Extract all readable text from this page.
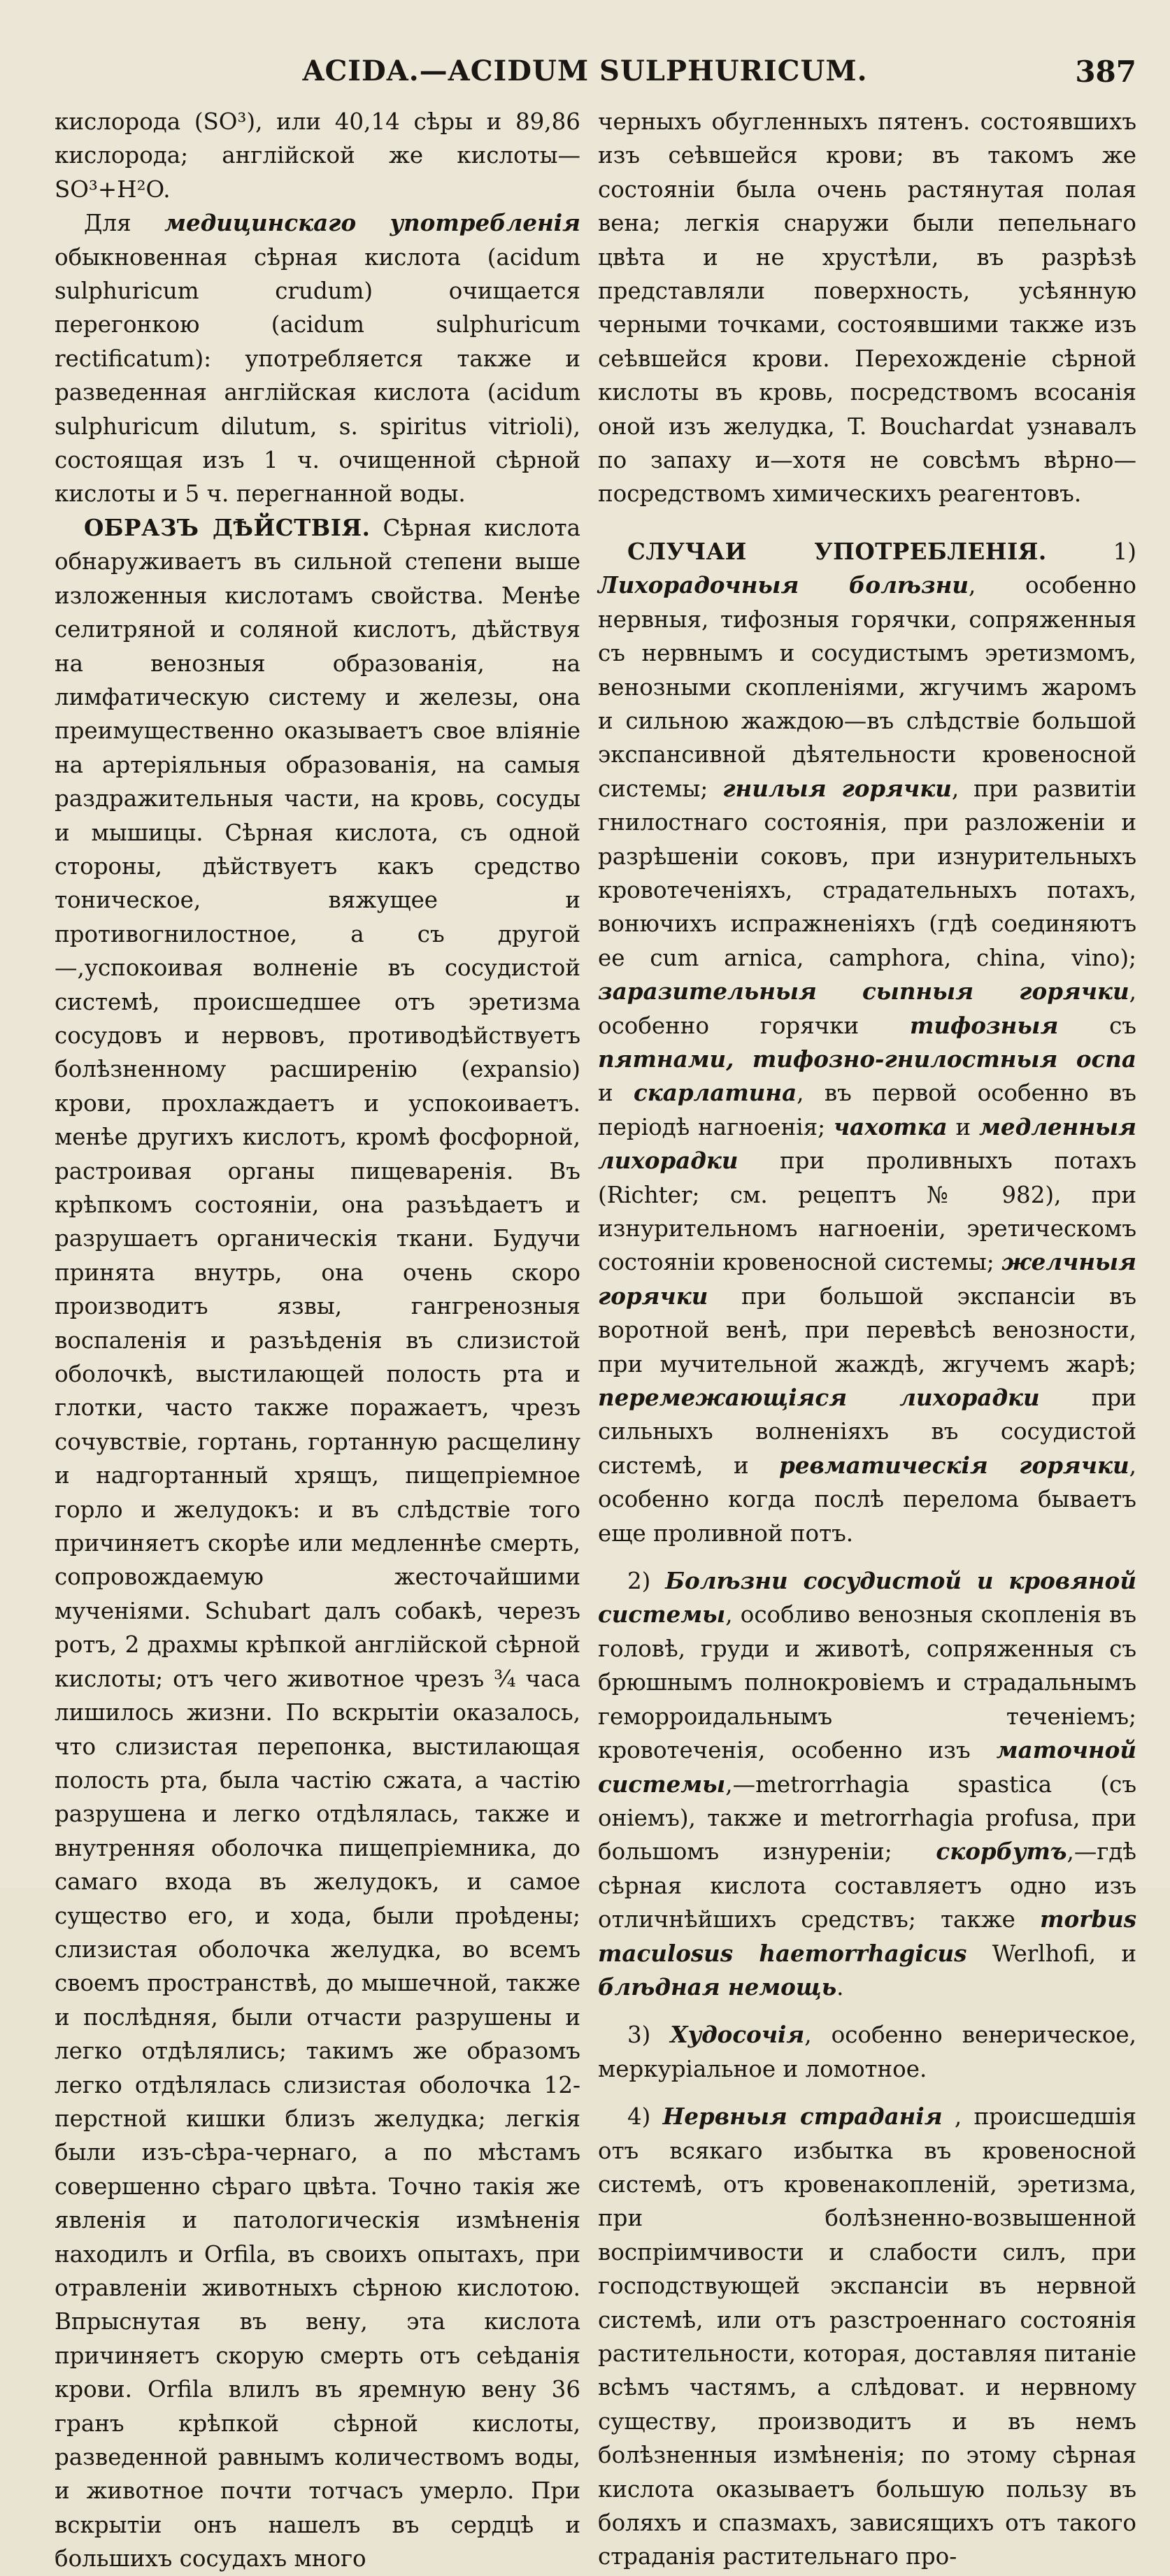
ACIDA.—ACIDUM SULPHURICUM.	387

кислорода (SO³), или 40,14 сѣры и 89,86 кислорода; англiйской же кислоты—SO³+H²O.

Для медицинскаго употребленiя обыкновенная сѣрная кислота (acidum sulphuricum crudum) очищается перегонкою (acidum sulphuricum rectificatum): употребляется также и разведенная англiйская кислота (acidum sulphuricum dilutum, s. spiritus vitrioli), состоящая изъ 1 ч. очищенной сѣрной кислоты и 5 ч. перегнанной воды.

ОБРАЗЪ ДѢЙСТВIЯ. Сѣрная кислота обнаруживаетъ въ сильной степени выше изложенныя кислотамъ свойства. Менѣе селитряной и соляной кислотъ, дѣйствуя на венозныя образованiя, на лимфатическую систему и железы, она преимущественно оказываетъ свое влiянiе на артерiяльныя образованiя, на самыя раздражительныя части, на кровь, сосуды и мышицы. Сѣрная кислота, съ одной стороны, дѣйствуетъ какъ средство тоническое, вяжущее и противогнилостное, а съ другой—,успокоивая волненiе въ сосудистой системѣ, происшедшее отъ эретизма сосудовъ и нервовъ, противодѣйствуетъ болѣзненному расширенiю (expansio) крови, прохлаждаетъ и успокоиваетъ. менѣе другихъ кислотъ, кромѣ фосфорной, растроивая органы пищеваренiя. Въ крѣпкомъ состоянiи, она разъѣдаетъ и разрушаетъ органическiя ткани. Будучи принята внутрь, она очень скоро производитъ язвы, гангренозныя воспаленiя и разъѣденiя въ слизистой оболочкѣ, выстилающей полость рта и глотки, часто также поражаетъ, чрезъ сочувствiе, гортань, гортанную расщелину и надгортанный хрящъ, пищепрiемное горло и желудокъ: и въ слѣдствiе того причиняетъ скорѣе или медленнѣе смерть, сопровождаемую жесточайшими мученiями. Schubart далъ собакѣ, черезъ ротъ, 2 драхмы крѣпкой англiйской сѣрной кислоты; отъ чего животное чрезъ ¾ часа лишилось жизни. По вскрытiи оказалось, что слизистая перепонка, выстилающая полость рта, была частiю сжата, а частiю разрушена и легко отдѣлялась, также и внутренняя оболочка пищепрiемника, до самаго входа въ желудокъ, и самое существо его, и хода, были проѣдены; слизистая оболочка желудка, во всемъ своемъ пространствѣ, до мышечной, также и послѣдняя, были отчасти разрушены и легко отдѣлялись; такимъ же образомъ легко отдѣлялась слизистая оболочка 12-перстной кишки близъ желудка; легкiя были изъ-сѣра-чернаго, а по мѣстамъ совершенно сѣраго цвѣта. Точно такiя же явленiя и патологическiя измѣненiя находилъ и Orfila, въ своихъ опытахъ, при отравленiи животныхъ сѣрною кислотою. Впрыснутая въ вену, эта кислота причиняетъ скорую смерть отъ сеѣданiя крови. Orfila влилъ въ яремную вену 36 гранъ крѣпкой сѣрной кислоты, разведенной равнымъ количествомъ воды, и животное почти тотчасъ умерло. При вскрытiи онъ нашелъ въ сердцѣ и большихъ сосудахъ много

черныхъ обугленныхъ пятенъ. состоявшихъ изъ сеѣвшейся крови; въ такомъ же состоянiи была очень растянутая полая вена; легкiя снаружи были пепельнаго цвѣта и не хрустѣли, въ разрѣзѣ представляли поверхность, усѣянную черными точками, состоявшими также изъ сеѣвшейся крови. Перехожденiе сѣрной кислоты въ кровь, посредствомъ всосанiя оной изъ желудка, T. Bouchardat узнавалъ по запаху и—хотя не совсѣмъ вѣрно—посредствомъ химическихъ реагентовъ.

СЛУЧАИ УПОТРЕБЛЕНIЯ. 1) Лихорадочныя болѣзни, особенно нервныя, тифозныя горячки, сопряженныя съ нервнымъ и сосудистымъ эретизмомъ, венозными скопленiями, жгучимъ жаромъ и сильною жаждою—въ слѣдствiе большой экспансивной дѣятельности кровеносной системы; гнилыя горячки, при развитiи гнилостнаго состоянiя, при разложенiи и разрѣшенiи соковъ, при изнурительныхъ кровотеченiяхъ, страдательныхъ потахъ, вонючихъ испражненiяхъ (гдѣ соединяютъ ее cum arnica, camphora, china, vino); заразительныя сыпныя горячки, особенно горячки тифозныя съ пятнами, тифозно-гнилостныя оспа и скарлатина, въ первой особенно въ перiодѣ нагноенiя; чахотка и медленныя лихорадки при проливныхъ потахъ (Richter; см. рецептъ № 982), при изнурительномъ нагноенiи, эретическомъ состоянiи кровеносной системы; желчныя горячки при большой экспансiи въ воротной венѣ, при перевѣсѣ венозности, при мучительной жаждѣ, жгучемъ жарѣ; перемежающiяся лихорадки при сильныхъ волненiяхъ въ сосудистой системѣ, и ревматическiя горячки, особенно когда послѣ перелома бываетъ еще проливной потъ.

2) Болѣзни сосудистой и кровяной системы, особливо венозныя скопленiя въ головѣ, груди и животѣ, сопряженныя съ брюшнымъ полнокровiемъ и страдальнымъ геморроидальнымъ теченiемъ; кровотеченiя, особенно изъ маточной системы,—metrorrhagia spastica (съ онiемъ), также и metrorrhagia profusa, при большомъ изнуренiи; скорбутъ,—гдѣ сѣрная кислота составляетъ одно изъ отличнѣйшихъ средствъ; также morbus maculosus haemorrhagicus Werlhofi, и блѣдная немощь.

3) Худосочiя, особенно венерическое, меркурiальное и ломотное.

4) Нервныя страданiя , происшедшiя отъ всякаго избытка въ кровеносной системѣ, отъ кровенакопленiй, эретизма, при болѣзненно-возвышенной воспрiимчивости и слабости силъ, при господствующей экспансiи въ нервной системѣ, или отъ разстроеннаго состоянiя растительности, которая, доставляя питанiе всѣмъ частямъ, а слѣдоват. и нервному существу, производитъ и въ немъ болѣзненныя измѣненiя; по этому сѣрная кислота оказываетъ большую пользу въ боляхъ и спазмахъ, зависящихъ отъ такого страданiя растительнаго про-
